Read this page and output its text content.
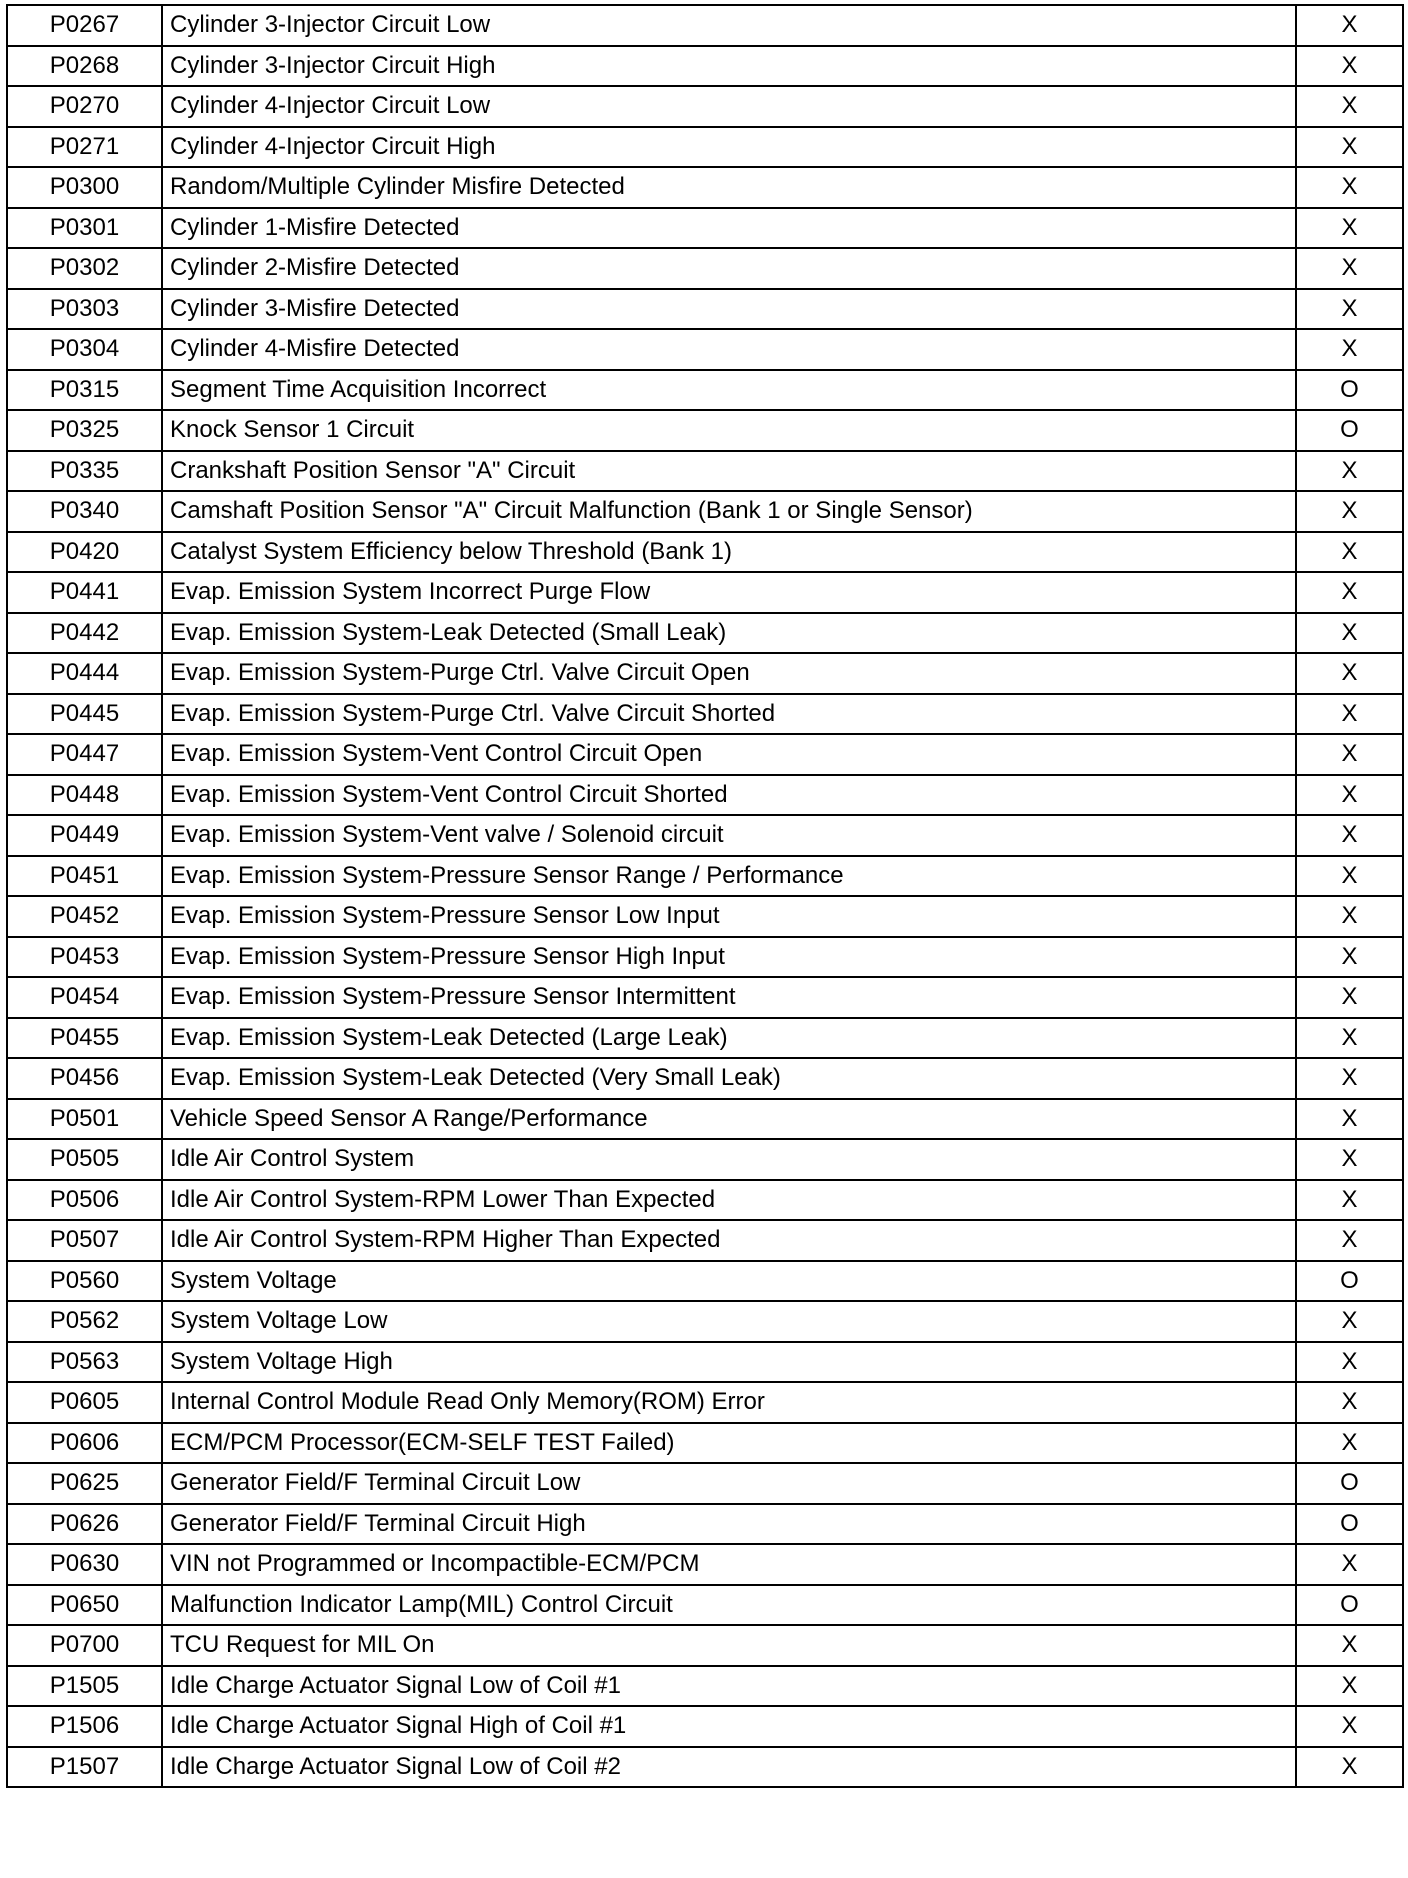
P0267	Cylinder 3-Injector Circuit Low	X
P0268	Cylinder 3-Injector Circuit High	X
P0270	Cylinder 4-Injector Circuit Low	X
P0271	Cylinder 4-Injector Circuit High	X
P0300	Random/Multiple Cylinder Misfire Detected	X
P0301	Cylinder 1-Misfire Detected	X
P0302	Cylinder 2-Misfire Detected	X
P0303	Cylinder 3-Misfire Detected	X
P0304	Cylinder 4-Misfire Detected	X
P0315	Segment Time Acquisition Incorrect	O
P0325	Knock Sensor 1 Circuit	O
P0335	Crankshaft Position Sensor "A" Circuit	X
P0340	Camshaft Position Sensor "A" Circuit Malfunction (Bank 1 or Single Sensor)	X
P0420	Catalyst System Efficiency below Threshold (Bank 1)	X
P0441	Evap. Emission System Incorrect Purge Flow	X
P0442	Evap. Emission System-Leak Detected (Small Leak)	X
P0444	Evap. Emission System-Purge Ctrl. Valve Circuit Open	X
P0445	Evap. Emission System-Purge Ctrl. Valve Circuit Shorted	X
P0447	Evap. Emission System-Vent Control Circuit Open	X
P0448	Evap. Emission System-Vent Control Circuit Shorted	X
P0449	Evap. Emission System-Vent valve / Solenoid circuit	X
P0451	Evap. Emission System-Pressure Sensor Range / Performance	X
P0452	Evap. Emission System-Pressure Sensor Low Input	X
P0453	Evap. Emission System-Pressure Sensor High Input	X
P0454	Evap. Emission System-Pressure Sensor Intermittent	X
P0455	Evap. Emission System-Leak Detected (Large Leak)	X
P0456	Evap. Emission System-Leak Detected (Very Small Leak)	X
P0501	Vehicle Speed Sensor A Range/Performance	X
P0505	Idle Air Control System	X
P0506	Idle Air Control System-RPM Lower Than Expected	X
P0507	Idle Air Control System-RPM Higher Than Expected	X
P0560	System Voltage	O
P0562	System Voltage Low	X
P0563	System Voltage High	X
P0605	Internal Control Module Read Only Memory(ROM) Error	X
P0606	ECM/PCM Processor(ECM-SELF TEST Failed)	X
P0625	Generator Field/F Terminal Circuit Low	O
P0626	Generator Field/F Terminal Circuit High	O
P0630	VIN not Programmed or Incompactible-ECM/PCM	X
P0650	Malfunction Indicator Lamp(MIL) Control Circuit	O
P0700	TCU Request for MIL On	X
P1505	Idle Charge Actuator Signal Low of Coil #1	X
P1506	Idle Charge Actuator Signal High of Coil #1	X
P1507	Idle Charge Actuator Signal Low of Coil #2	X
